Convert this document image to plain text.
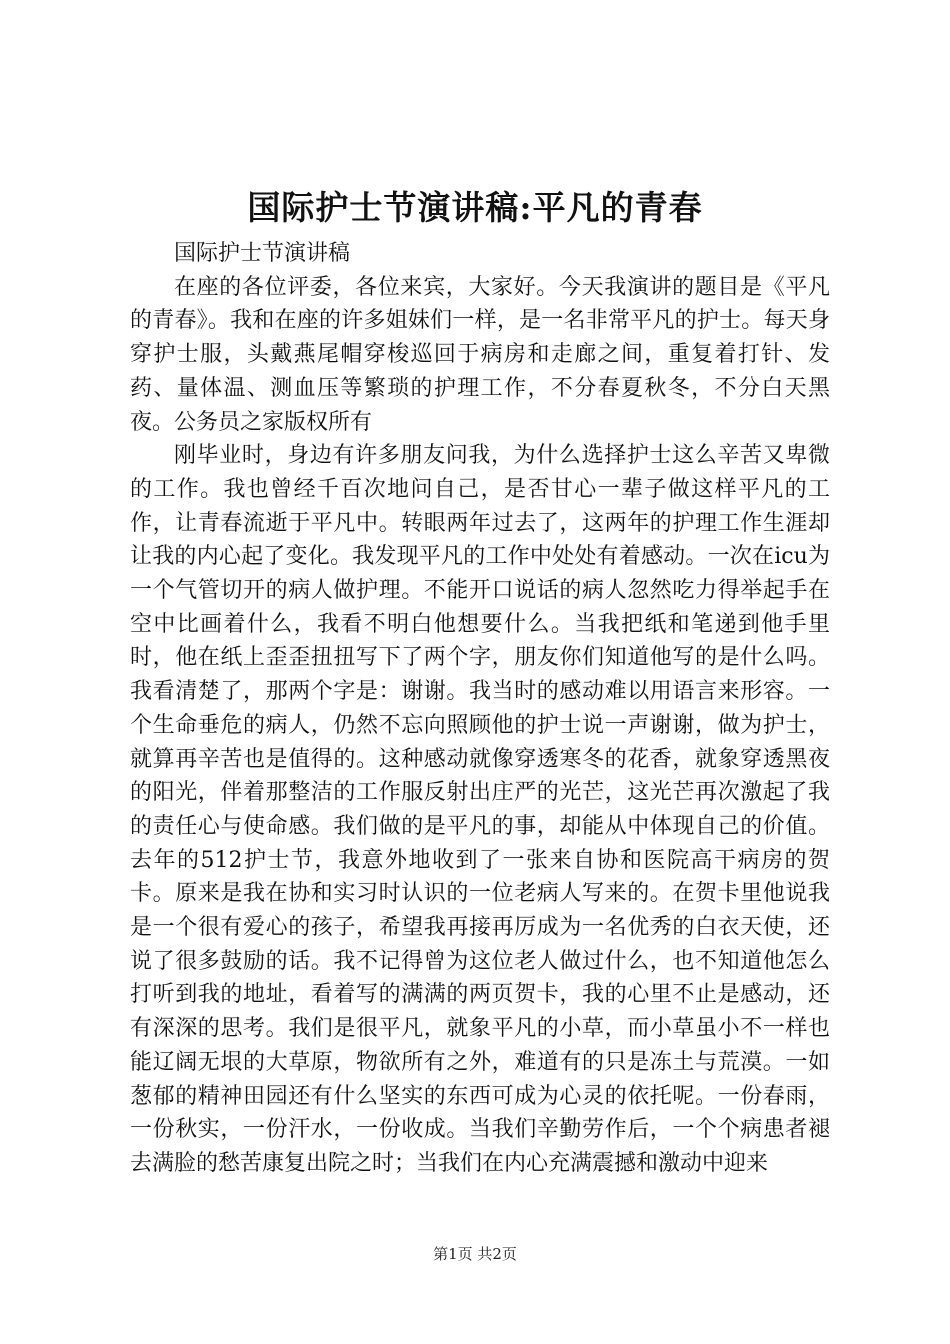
国际护士节演讲稿:平凡的青春

国际护士节演讲稿

在座的各位评委，各位来宾，大家好。今天我演讲的题目是《平凡的青春》。我和在座的许多姐妹们一样，是一名非常平凡的护士。每天身穿护士服，头戴燕尾帽穿梭巡回于病房和走廊之间，重复着打针、发药、量体温、测血压等繁琐的护理工作，不分春夏秋冬，不分白天黑夜。公务员之家版权所有

刚毕业时，身边有许多朋友问我，为什么选择护士这么辛苦又卑微的工作。我也曾经千百次地问自己，是否甘心一辈子做这样平凡的工作，让青春流逝于平凡中。转眼两年过去了，这两年的护理工作生涯却让我的内心起了变化。我发现平凡的工作中处处有着感动。一次在icu为一个气管切开的病人做护理。不能开口说话的病人忽然吃力得举起手在空中比画着什么，我看不明白他想要什么。当我把纸和笔递到他手里时，他在纸上歪歪扭扭写下了两个字，朋友你们知道他写的是什么吗。我看清楚了，那两个字是：谢谢。我当时的感动难以用语言来形容。一个生命垂危的病人，仍然不忘向照顾他的护士说一声谢谢，做为护士，就算再辛苦也是值得的。这种感动就像穿透寒冬的花香，就象穿透黑夜的阳光，伴着那整洁的工作服反射出庄严的光芒，这光芒再次激起了我的责任心与使命感。我们做的是平凡的事，却能从中体现自己的价值。去年的512护士节，我意外地收到了一张来自协和医院高干病房的贺卡。原来是我在协和实习时认识的一位老病人写来的。在贺卡里他说我是一个很有爱心的孩子，希望我再接再厉成为一名优秀的白衣天使，还说了很多鼓励的话。我不记得曾为这位老人做过什么，也不知道他怎么打听到我的地址，看着写的满满的两页贺卡，我的心里不止是感动，还有深深的思考。我们是很平凡，就象平凡的小草，而小草虽小不一样也能辽阔无垠的大草原，物欲所有之外，难道有的只是冻土与荒漠。一如葱郁的精神田园还有什么坚实的东西可成为心灵的依托呢。一份春雨，一份秋实，一份汗水，一份收成。当我们辛勤劳作后，一个个病患者褪去满脸的愁苦康复出院之时；当我们在内心充满震撼和激动中迎来

第1页 共2页
